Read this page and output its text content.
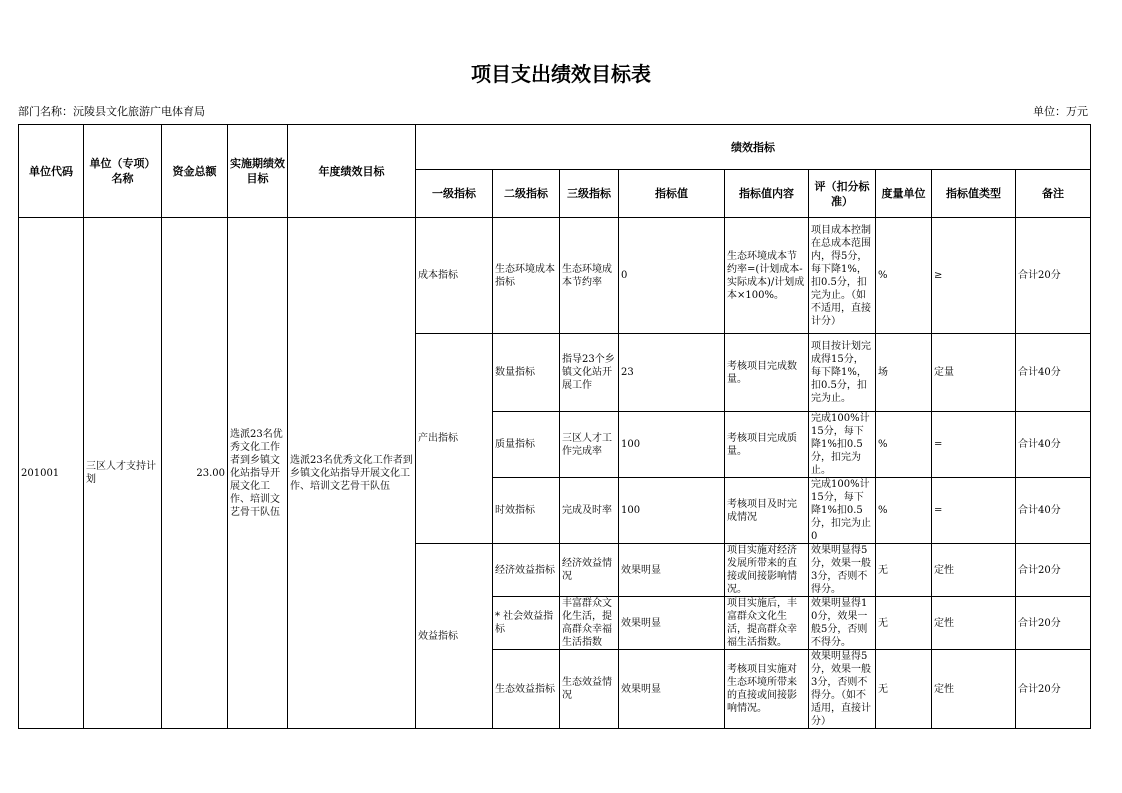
项目支出绩效目标表
部门名称：沅陵县文化旅游广电体育局	单位：万元
单位代码	单位（专项）名称	资金总额	实施期绩效目标	年度绩效目标	绩效指标								
					一级指标	二级指标	三级指标	指标值	指标值内容	评（扣分标准）	度量单位	指标值类型	备注
201001	三区人才支持计划	23.00	选派23名优秀文化工作者到乡镇文化站指导开展文化工作、培训文艺骨干队伍	选派23名优秀文化工作者到乡镇文化站指导开展文化工作、培训文艺骨干队伍	成本指标	生态环境成本指标	生态环境成本节约率	0	生态环境成本节约率=(计划成本-实际成本)/计划成本×100%。	项目成本控制在总成本范围内，得5分，每下降1%，扣0.5分，扣完为止。（如不适用，直接计分）	%	≥	合计20分
					产出指标	数量指标	指导23个乡镇文化站开展工作	23	考核项目完成数量。	项目按计划完成得15分，每下降1%，扣0.5分，扣完为止。	场	定量	合计40分
						质量指标	三区人才工作完成率	100	考核项目完成质量。	完成100%计15分，每下降1%扣0.5分，扣完为止。	%	=	合计40分
						时效指标	完成及时率	100	考核项目及时完成情况	完成100%计15分，每下降1%扣0.5分，扣完为止0	%	=	合计40分
					效益指标	经济效益指标	经济效益情况	效果明显	项目实施对经济发展所带来的直接或间接影响情况。	效果明显得5分，效果一般3分，否则不得分。	无	定性	合计20分
						* 社会效益指标	丰富群众文化生活，提高群众幸福生活指数	效果明显	项目实施后，丰富群众文化生活，提高群众幸福生活指数。	效果明显得10分，效果一般5分，否则不得分。	无	定性	合计20分
						生态效益指标	生态效益情况	效果明显	考核项目实施对生态环境所带来的直接或间接影响情况。	效果明显得5分，效果一般3分，否则不得分。（如不适用，直接计分）	无	定性	合计20分
